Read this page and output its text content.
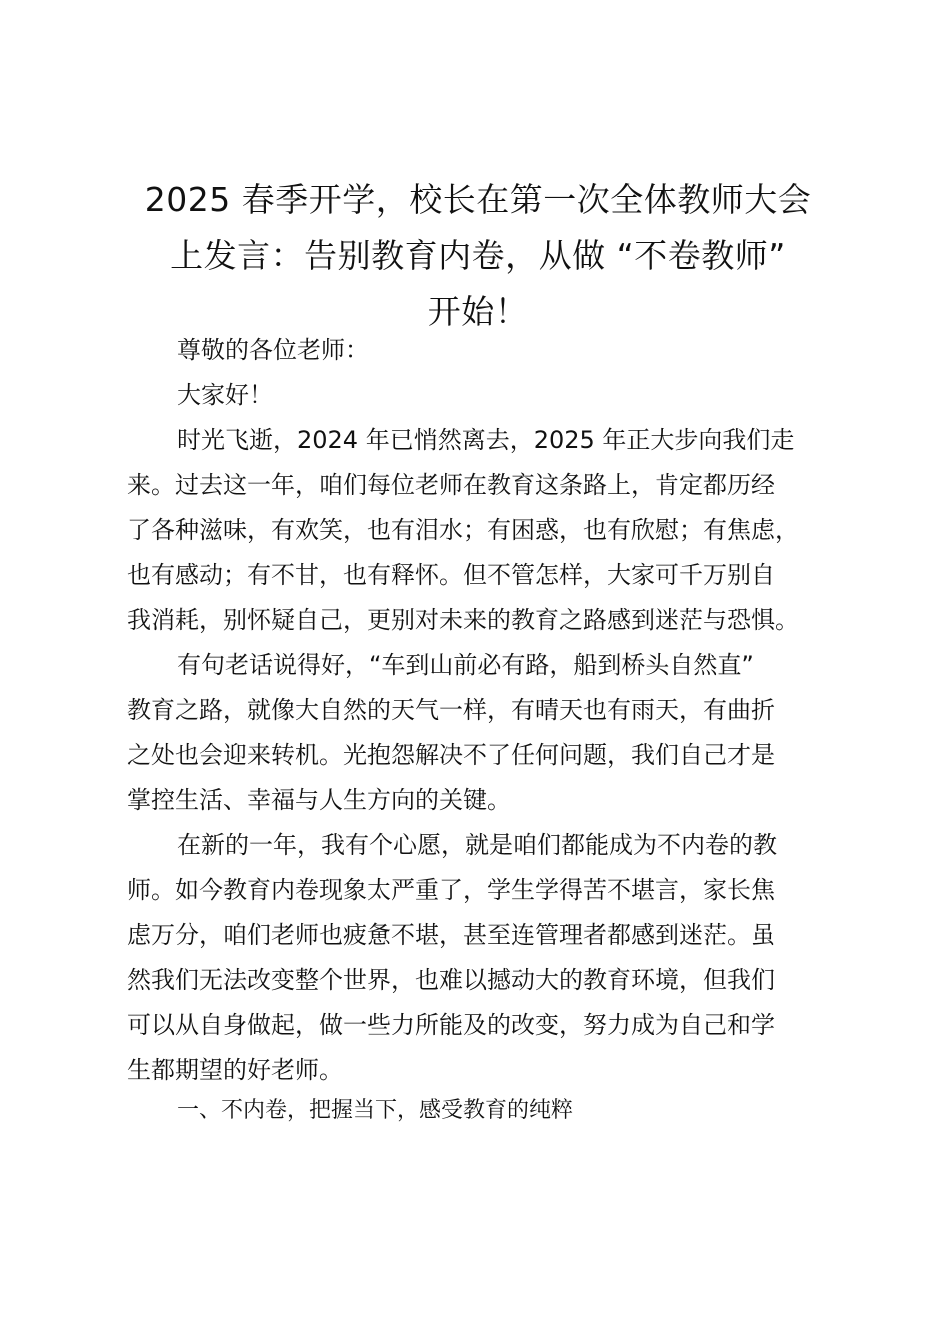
2025 春季开学，校长在第一次全体教师大会
上发言：告别教育内卷，从做 “不卷教师”
开始！

尊敬的各位老师：

大家好！

时光飞逝，2024 年已悄然离去，2025 年正大步向我们走
来。过去这一年，咱们每位老师在教育这条路上，肯定都历经
了各种滋味，有欢笑，也有泪水；有困惑，也有欣慰；有焦虑，
也有感动；有不甘，也有释怀。但不管怎样，大家可千万别自
我消耗，别怀疑自己，更别对未来的教育之路感到迷茫与恐惧。
有句老话说得好，“车到山前必有路，船到桥头自然直”
教育之路，就像大自然的天气一样，有晴天也有雨天，有曲折
之处也会迎来转机。光抱怨解决不了任何问题，我们自己才是
掌控生活、幸福与人生方向的关键。
在新的一年，我有个心愿，就是咱们都能成为不内卷的教
师。如今教育内卷现象太严重了，学生学得苦不堪言，家长焦
虑万分，咱们老师也疲惫不堪，甚至连管理者都感到迷茫。虽
然我们无法改变整个世界，也难以撼动大的教育环境，但我们
可以从自身做起，做一些力所能及的改变，努力成为自己和学
生都期望的好老师。
一、不内卷，把握当下，感受教育的纯粹
